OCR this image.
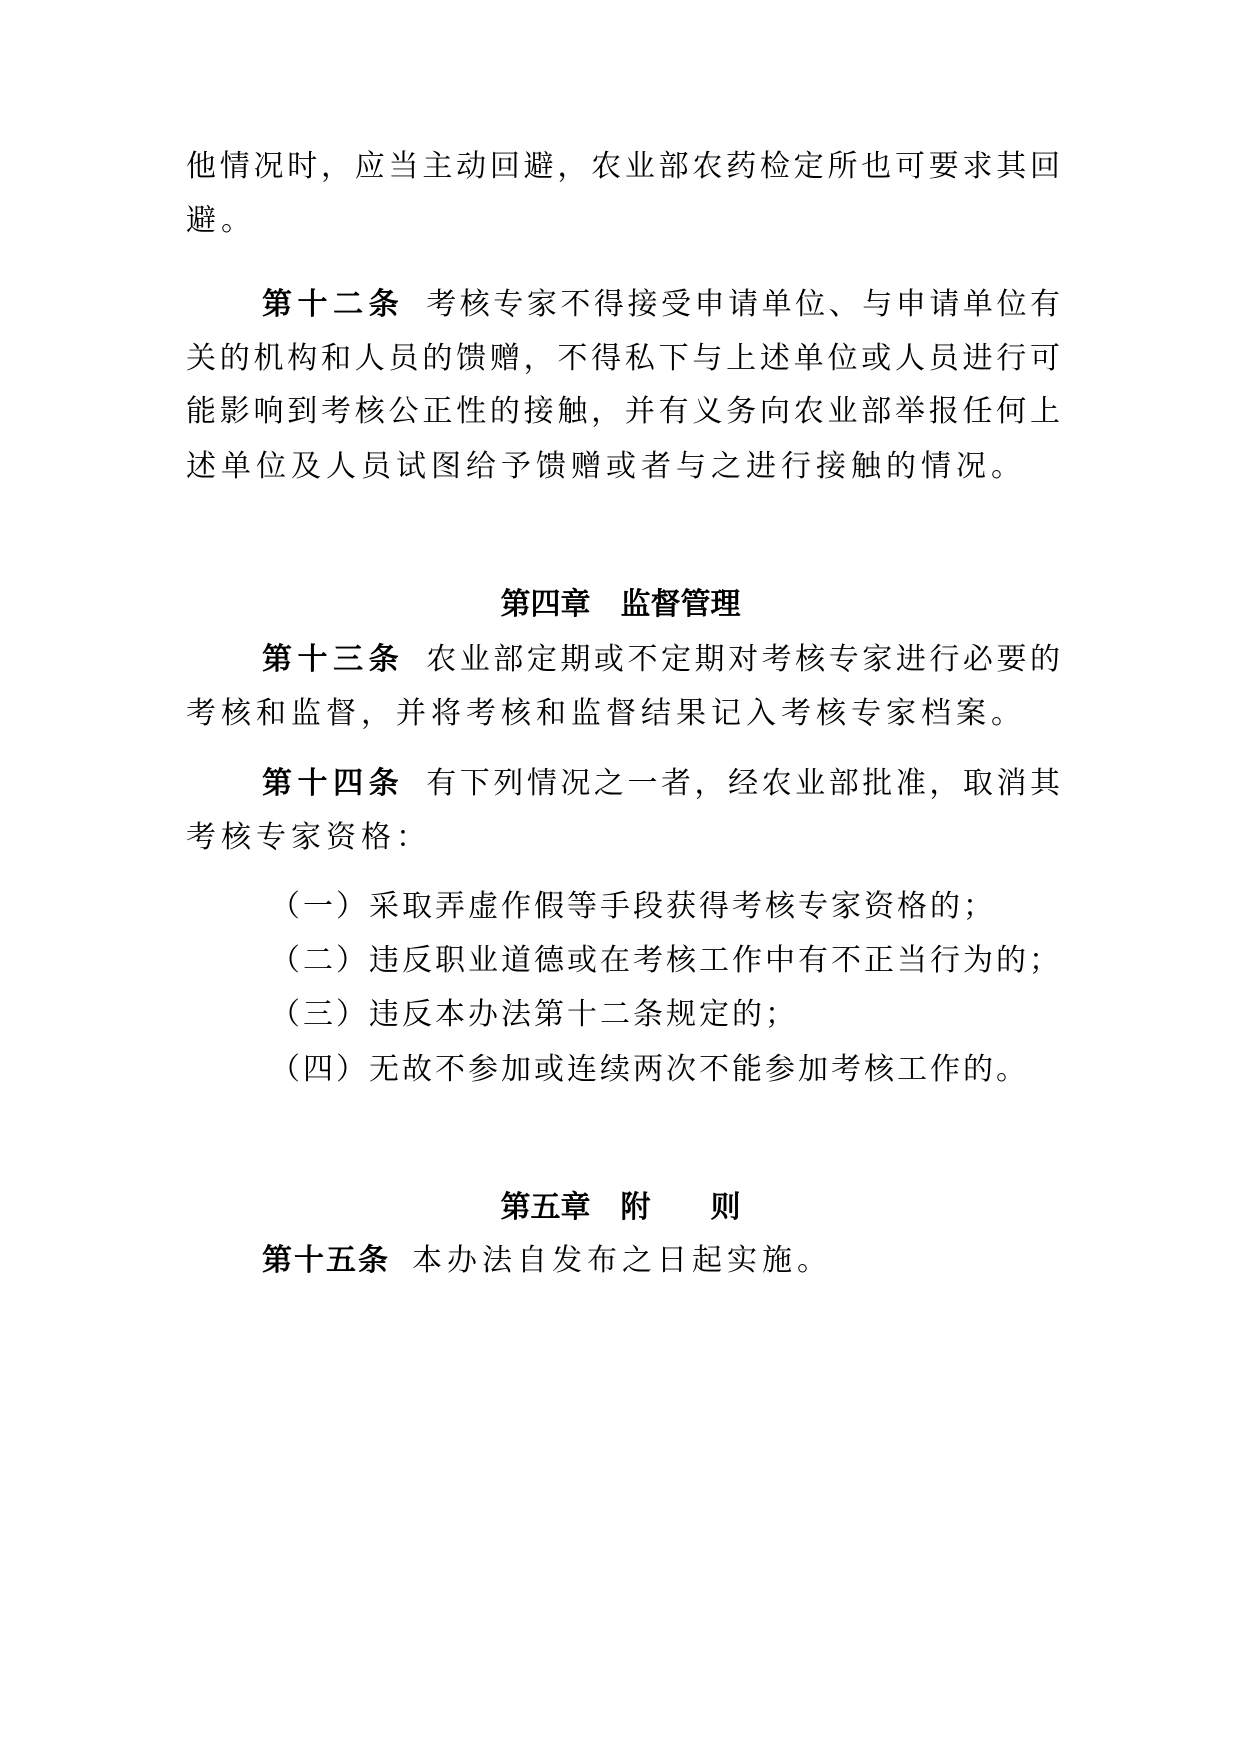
他情况时，应当主动回避，农业部农药检定所也可要求其回
避。
第十二条 考核专家不得接受申请单位、与申请单位有
关的机构和人员的馈赠，不得私下与上述单位或人员进行可
能影响到考核公正性的接触，并有义务向农业部举报任何上
述单位及人员试图给予馈赠或者与之进行接触的情况。
第四章　监督管理
第十三条 农业部定期或不定期对考核专家进行必要的
考核和监督，并将考核和监督结果记入考核专家档案。
第十四条 有下列情况之一者，经农业部批准，取消其
考核专家资格：
（一）采取弄虚作假等手段获得考核专家资格的；
（二）违反职业道德或在考核工作中有不正当行为的；
（三）违反本办法第十二条规定的；
（四）无故不参加或连续两次不能参加考核工作的。
第五章　附　　则
第十五条 本办法自发布之日起实施。
